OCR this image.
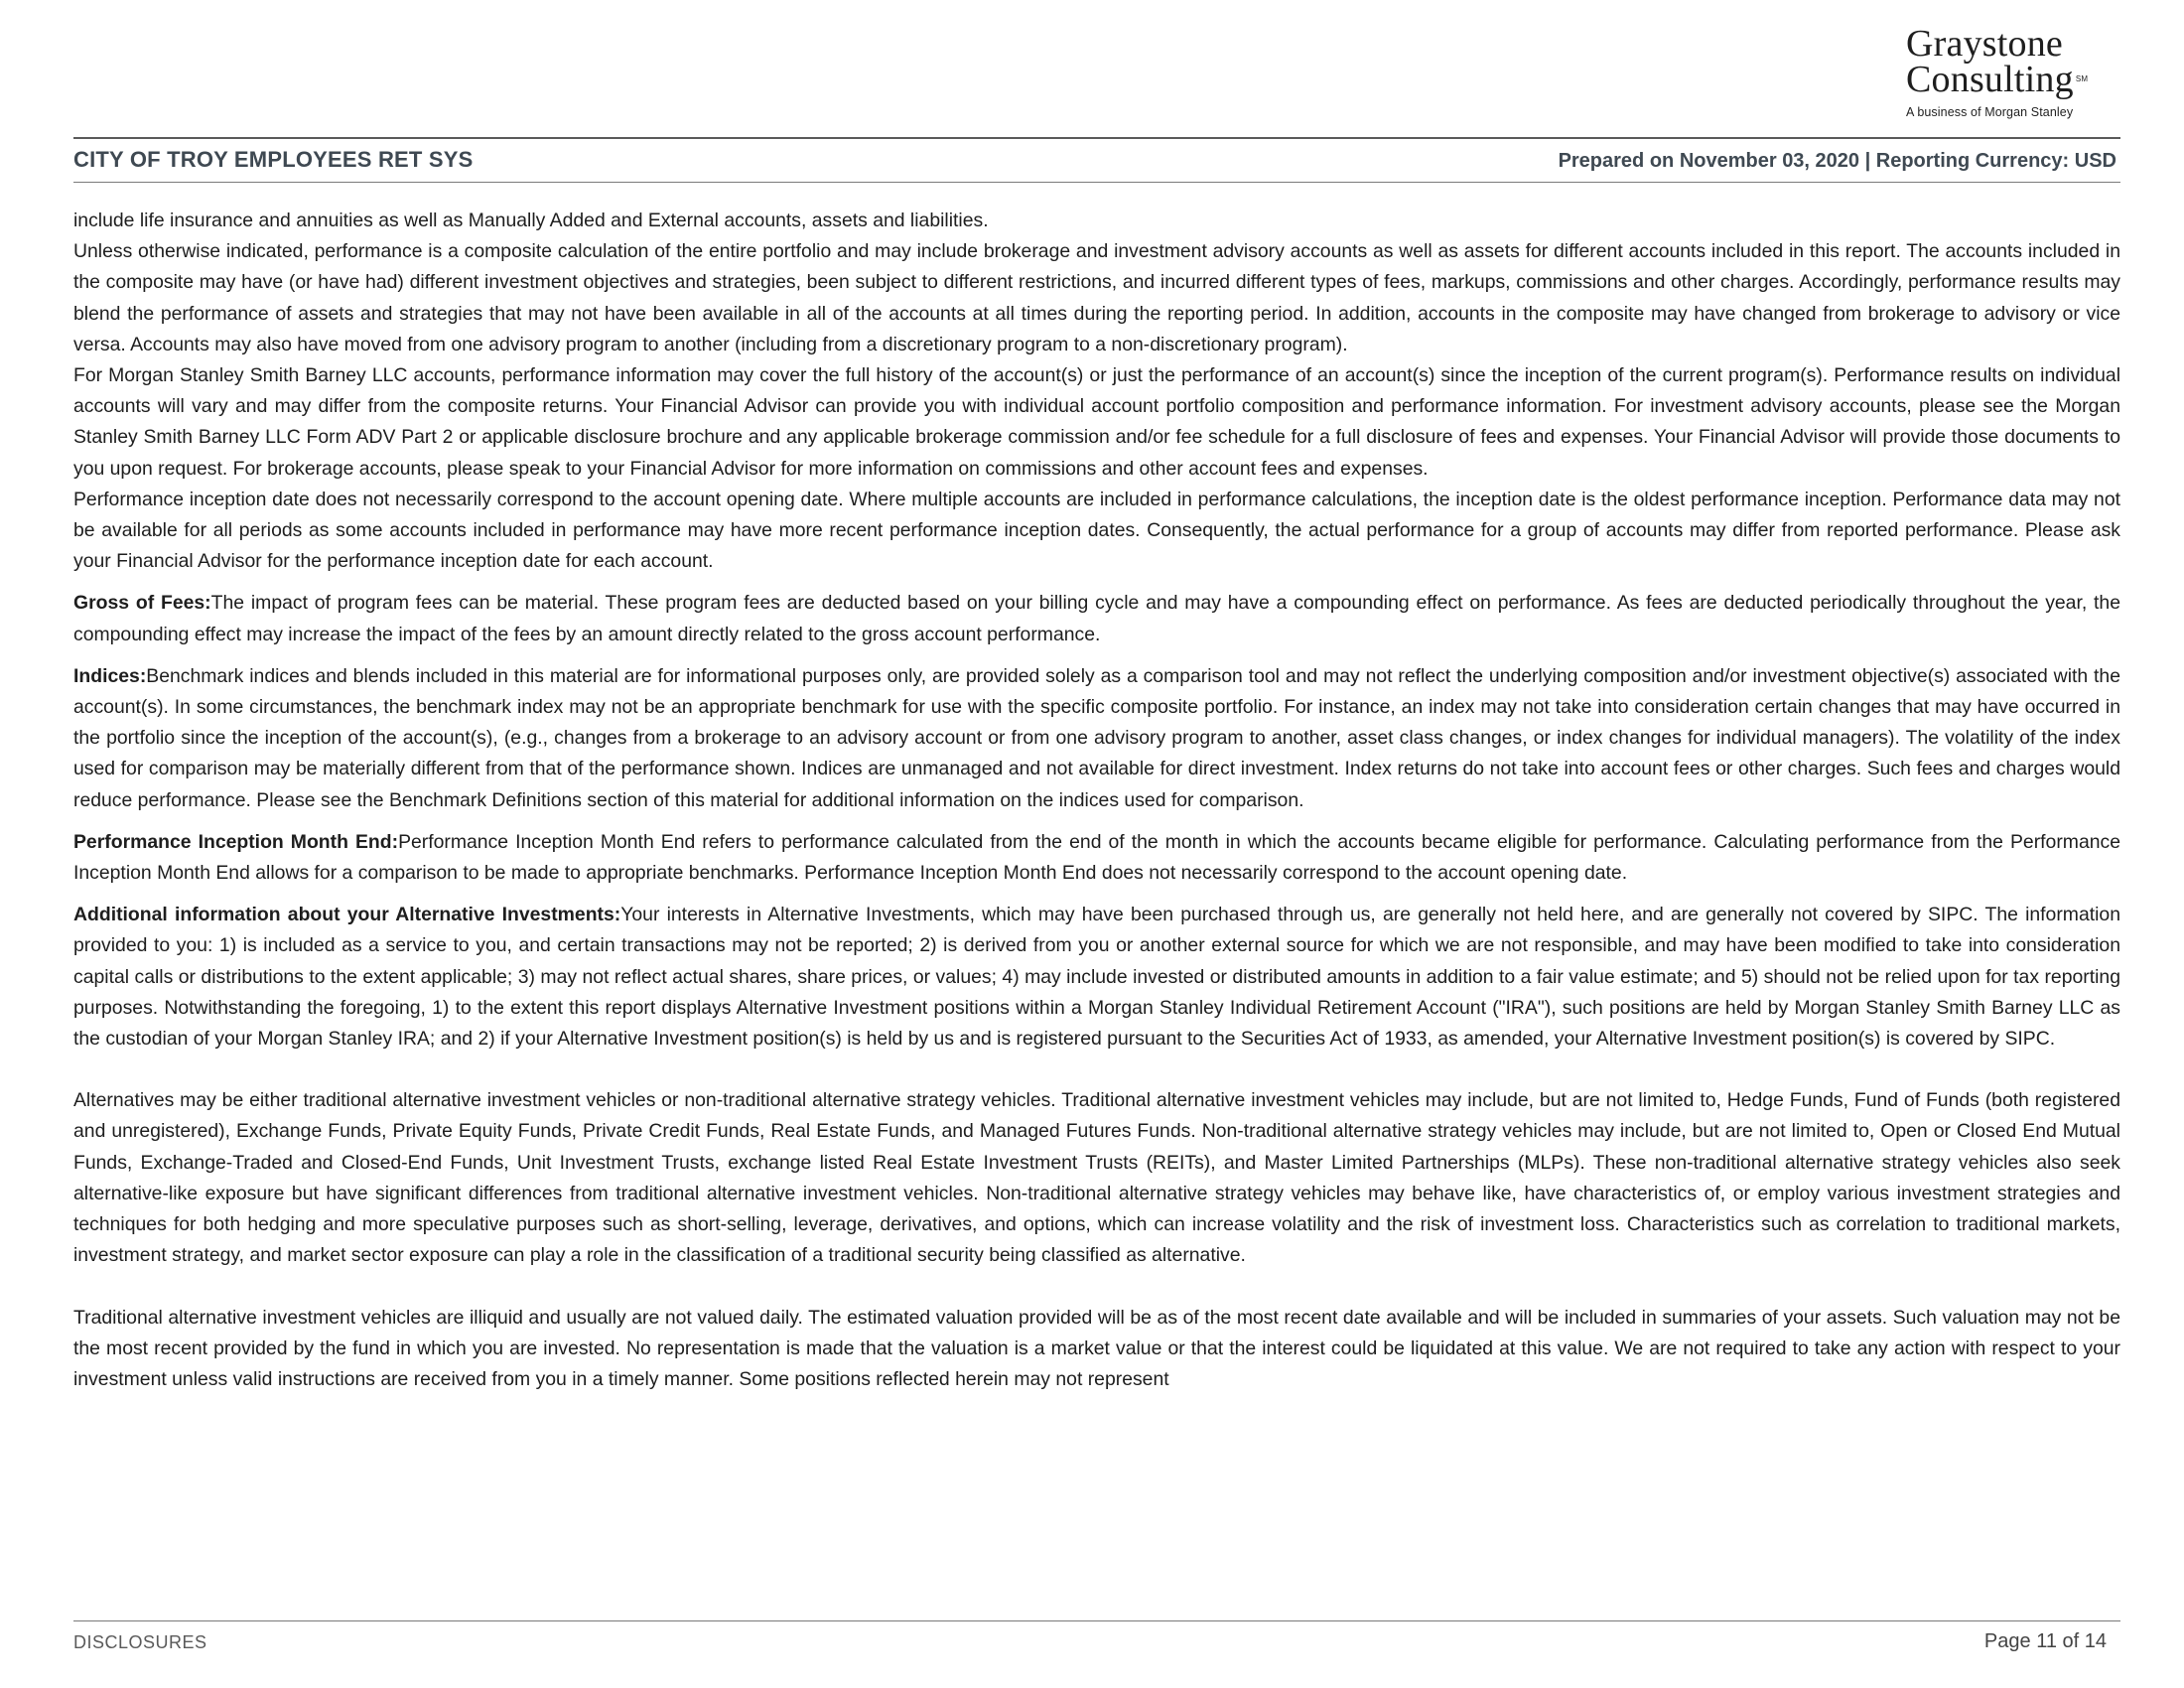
Graystone
Consulting ℠
A business of Morgan Stanley
CITY OF TROY EMPLOYEES RET SYS	Prepared on November 03, 2020 | Reporting Currency: USD

include life insurance and annuities as well as Manually Added and External accounts, assets and liabilities.

Unless otherwise indicated, performance is a composite calculation of the entire portfolio and may include brokerage and investment advisory accounts as well as assets for different accounts included in this report. The accounts included in the composite may have (or have had) different investment objectives and strategies, been subject to different restrictions, and incurred different types of fees, markups, commissions and other charges. Accordingly, performance results may blend the performance of assets and strategies that may not have been available in all of the accounts at all times during the reporting period. In addition, accounts in the composite may have changed from brokerage to advisory or vice versa. Accounts may also have moved from one advisory program to another (including from a discretionary program to a non-discretionary program).

For Morgan Stanley Smith Barney LLC accounts, performance information may cover the full history of the account(s) or just the performance of an account(s) since the inception of the current program(s). Performance results on individual accounts will vary and may differ from the composite returns. Your Financial Advisor can provide you with individual account portfolio composition and performance information. For investment advisory accounts, please see the Morgan Stanley Smith Barney LLC Form ADV Part 2 or applicable disclosure brochure and any applicable brokerage commission and/or fee schedule for a full disclosure of fees and expenses. Your Financial Advisor will provide those documents to you upon request. For brokerage accounts, please speak to your Financial Advisor for more information on commissions and other account fees and expenses.

Performance inception date does not necessarily correspond to the account opening date. Where multiple accounts are included in performance calculations, the inception date is the oldest performance inception. Performance data may not be available for all periods as some accounts included in performance may have more recent performance inception dates. Consequently, the actual performance for a group of accounts may differ from reported performance. Please ask your Financial Advisor for the performance inception date for each account.

Gross of Fees:The impact of program fees can be material. These program fees are deducted based on your billing cycle and may have a compounding effect on performance. As fees are deducted periodically throughout the year, the compounding effect may increase the impact of the fees by an amount directly related to the gross account performance.

Indices:Benchmark indices and blends included in this material are for informational purposes only, are provided solely as a comparison tool and may not reflect the underlying composition and/or investment objective(s) associated with the account(s). In some circumstances, the benchmark index may not be an appropriate benchmark for use with the specific composite portfolio. For instance, an index may not take into consideration certain changes that may have occurred in the portfolio since the inception of the account(s), (e.g., changes from a brokerage to an advisory account or from one advisory program to another, asset class changes, or index changes for individual managers). The volatility of the index used for comparison may be materially different from that of the performance shown. Indices are unmanaged and not available for direct investment. Index returns do not take into account fees or other charges. Such fees and charges would reduce performance. Please see the Benchmark Definitions section of this material for additional information on the indices used for comparison.

Performance Inception Month End:Performance Inception Month End refers to performance calculated from the end of the month in which the accounts became eligible for performance. Calculating performance from the Performance Inception Month End allows for a comparison to be made to appropriate benchmarks. Performance Inception Month End does not necessarily correspond to the account opening date.

Additional information about your Alternative Investments:Your interests in Alternative Investments, which may have been purchased through us, are generally not held here, and are generally not covered by SIPC. The information provided to you: 1) is included as a service to you, and certain transactions may not be reported; 2) is derived from you or another external source for which we are not responsible, and may have been modified to take into consideration capital calls or distributions to the extent applicable; 3) may not reflect actual shares, share prices, or values; 4) may include invested or distributed amounts in addition to a fair value estimate; and 5) should not be relied upon for tax reporting purposes. Notwithstanding the foregoing, 1) to the extent this report displays Alternative Investment positions within a Morgan Stanley Individual Retirement Account ("IRA"), such positions are held by Morgan Stanley Smith Barney LLC as the custodian of your Morgan Stanley IRA; and 2) if your Alternative Investment position(s) is held by us and is registered pursuant to the Securities Act of 1933, as amended, your Alternative Investment position(s) is covered by SIPC.

Alternatives may be either traditional alternative investment vehicles or non-traditional alternative strategy vehicles. Traditional alternative investment vehicles may include, but are not limited to, Hedge Funds, Fund of Funds (both registered and unregistered), Exchange Funds, Private Equity Funds, Private Credit Funds, Real Estate Funds, and Managed Futures Funds. Non-traditional alternative strategy vehicles may include, but are not limited to, Open or Closed End Mutual Funds, Exchange-Traded and Closed-End Funds, Unit Investment Trusts, exchange listed Real Estate Investment Trusts (REITs), and Master Limited Partnerships (MLPs). These non-traditional alternative strategy vehicles also seek alternative-like exposure but have significant differences from traditional alternative investment vehicles. Non-traditional alternative strategy vehicles may behave like, have characteristics of, or employ various investment strategies and techniques for both hedging and more speculative purposes such as short-selling, leverage, derivatives, and options, which can increase volatility and the risk of investment loss. Characteristics such as correlation to traditional markets, investment strategy, and market sector exposure can play a role in the classification of a traditional security being classified as alternative.

Traditional alternative investment vehicles are illiquid and usually are not valued daily. The estimated valuation provided will be as of the most recent date available and will be included in summaries of your assets. Such valuation may not be the most recent provided by the fund in which you are invested. No representation is made that the valuation is a market value or that the interest could be liquidated at this value. We are not required to take any action with respect to your investment unless valid instructions are received from you in a timely manner. Some positions reflected herein may not represent

DISCLOSURES	Page 11 of 14
